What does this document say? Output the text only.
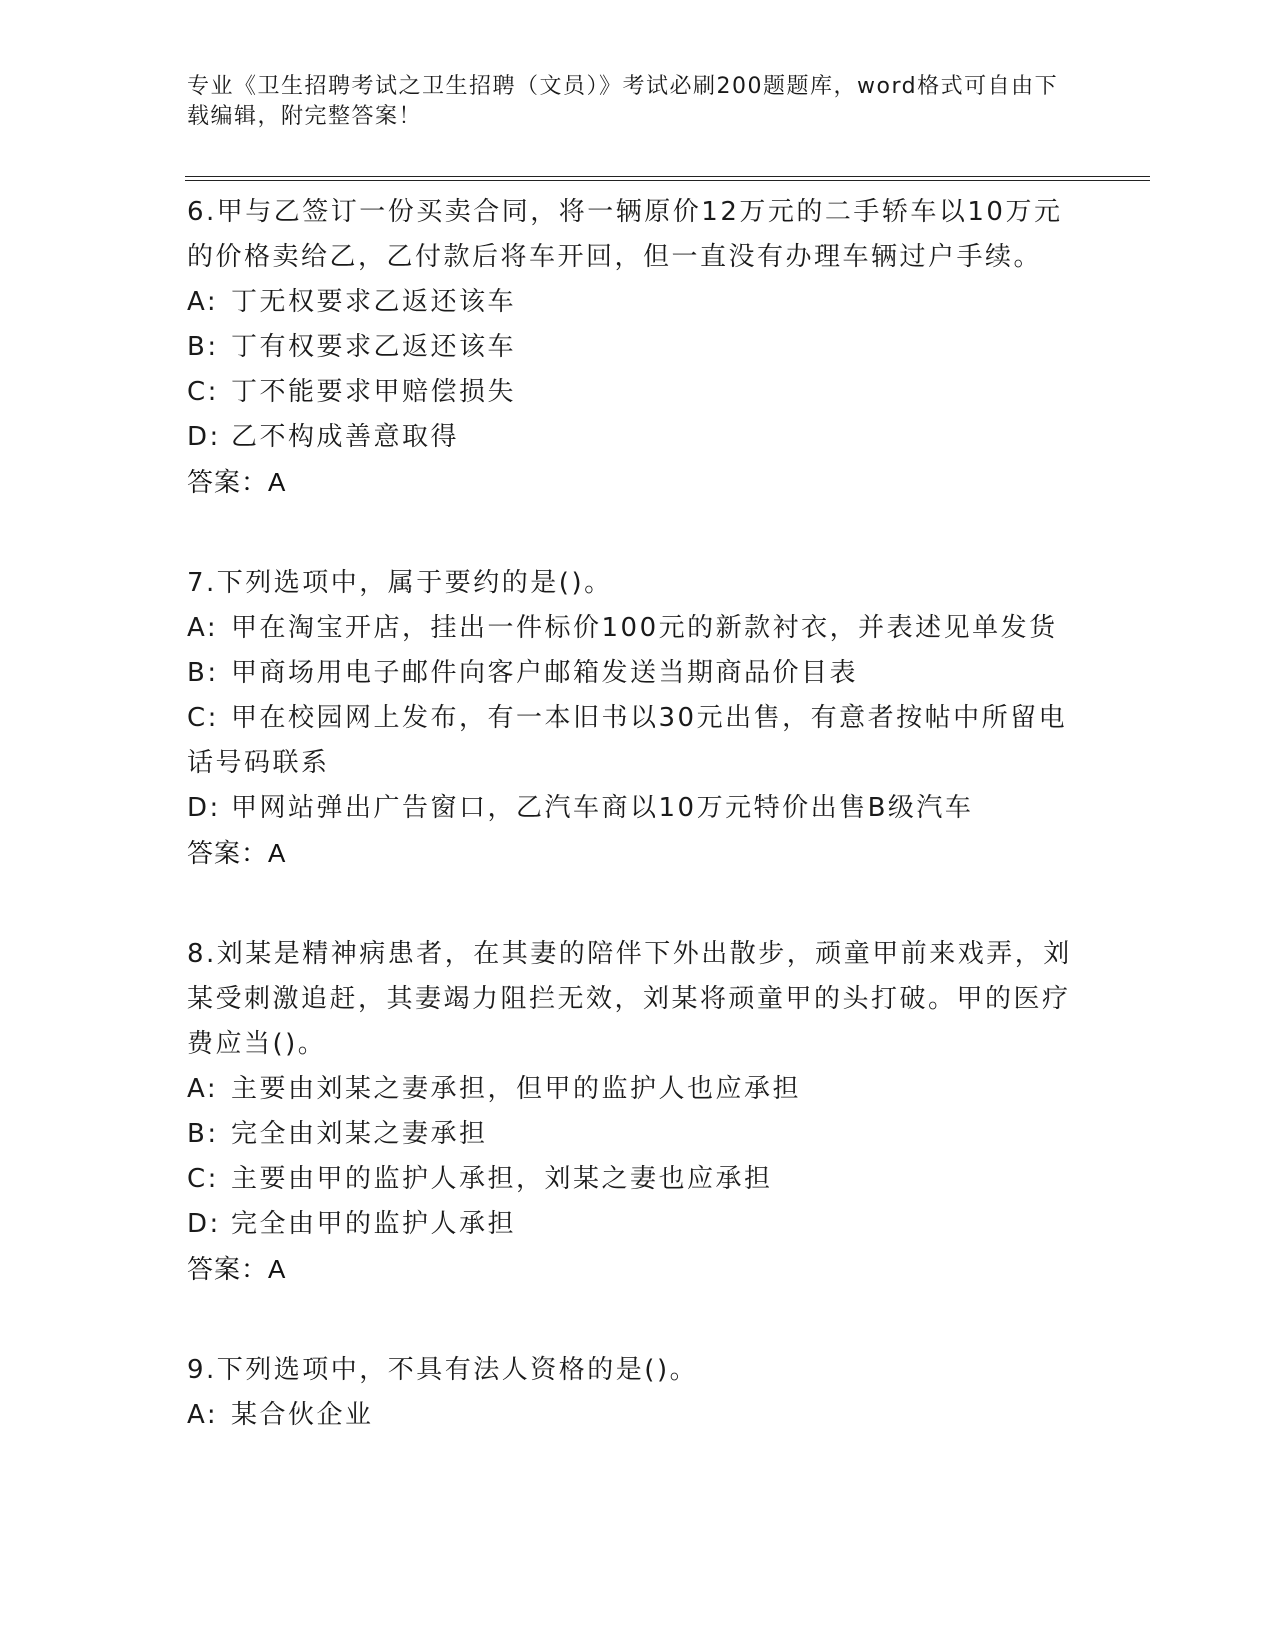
专业《卫生招聘考试之卫生招聘（文员）》考试必刷200题题库，word格式可自由下载编辑，附完整答案！
6.甲与乙签订一份买卖合同，将一辆原价12万元的二手轿车以10万元的价格卖给乙，乙付款后将车开回，但一直没有办理车辆过户手续。
A: 丁无权要求乙返还该车
B: 丁有权要求乙返还该车
C: 丁不能要求甲赔偿损失
D: 乙不构成善意取得
答案：A
7.下列选项中，属于要约的是()。
A: 甲在淘宝开店，挂出一件标价100元的新款衬衣，并表述见单发货
B: 甲商场用电子邮件向客户邮箱发送当期商品价目表
C: 甲在校园网上发布，有一本旧书以30元出售，有意者按帖中所留电话号码联系
D: 甲网站弹出广告窗口，乙汽车商以10万元特价出售B级汽车
答案：A
8.刘某是精神病患者，在其妻的陪伴下外出散步，顽童甲前来戏弄，刘某受刺激追赶，其妻竭力阻拦无效，刘某将顽童甲的头打破。甲的医疗费应当()。
A: 主要由刘某之妻承担，但甲的监护人也应承担
B: 完全由刘某之妻承担
C: 主要由甲的监护人承担，刘某之妻也应承担
D: 完全由甲的监护人承担
答案：A
9.下列选项中，不具有法人资格的是()。
A: 某合伙企业
